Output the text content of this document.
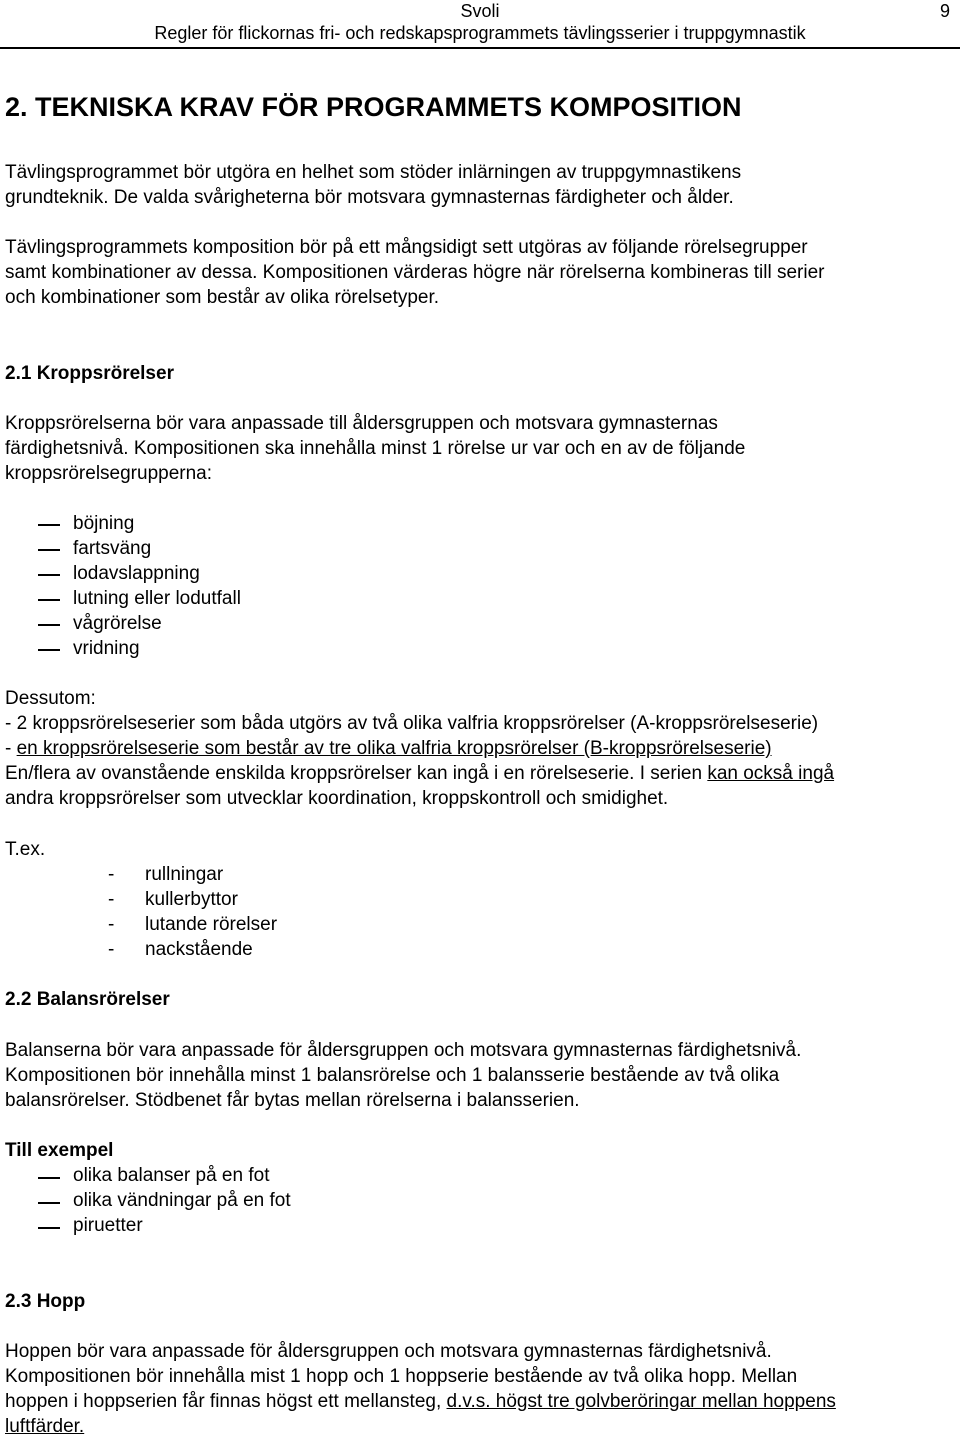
Svoli	9
Regler för flickornas fri- och redskapsprogrammets tävlingsserier i truppgymnastik
2. TEKNISKA KRAV FÖR PROGRAMMETS KOMPOSITION
Tävlingsprogrammet bör utgöra en helhet som stöder inlärningen av truppgymnastikens
grundteknik. De valda svårigheterna bör motsvara gymnasternas färdigheter och ålder.
Tävlingsprogrammets komposition bör på ett mångsidigt sett utgöras av följande rörelsegrupper
samt kombinationer av dessa. Kompositionen värderas högre när rörelserna kombineras till serier
och kombinationer som består av olika rörelsetyper.
2.1 Kroppsrörelser
Kroppsrörelserna bör vara anpassade till åldersgruppen och motsvara gymnasternas
färdighetsnivå. Kompositionen ska innehålla minst 1 rörelse ur var och en av de följande
kroppsrörelsegrupperna:
böjning
fartsväng
lodavslappning
lutning eller lodutfall
vågrörelse
vridning
Dessutom:
- 2 kroppsrörelseserier som båda utgörs av två olika valfria kroppsrörelser (A-kroppsrörelseserie)
- en kroppsrörelseserie som består av tre olika valfria kroppsrörelser (B-kroppsrörelseserie)
En/flera av ovanstående enskilda kroppsrörelser kan ingå i en rörelseserie. I serien kan också ingå
andra kroppsrörelser som utvecklar koordination, kroppskontroll och smidighet.
T.ex.
- rullningar
- kullerbyttor
- lutande rörelser
- nackstående
2.2 Balansrörelser
Balanserna bör vara anpassade för åldersgruppen och motsvara gymnasternas färdighetsnivå.
Kompositionen bör innehålla minst 1 balansrörelse och 1 balansserie bestående av två olika
balansrörelser. Stödbenet får bytas mellan rörelserna i balansserien.
Till exempel
olika balanser på en fot
olika vändningar på en fot
piruetter
2.3 Hopp
Hoppen bör vara anpassade för åldersgruppen och motsvara gymnasternas färdighetsnivå.
Kompositionen bör innehålla mist 1 hopp och 1 hoppserie bestående av två olika hopp. Mellan
hoppen i hoppserien får finnas högst ett mellansteg, d.v.s. högst tre golvberöringar mellan hoppens
luftfärder.
